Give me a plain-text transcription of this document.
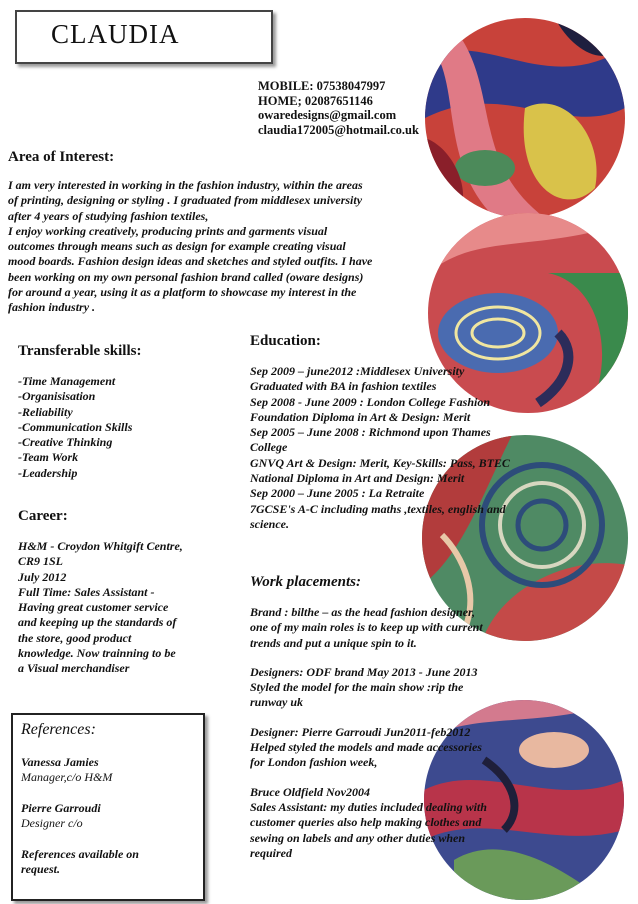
CLAUDIA
MOBILE: 07538047997
HOME; 02087651146
owaredesigns@gmail.com
claudia172005@hotmail.co.uk
Area of Interest:
I am very interested in working in the fashion industry, within the areas
of printing, designing or styling . I graduated from middlesex university
after 4 years of studying fashion textiles,
I enjoy working creatively, producing prints and garments visual
outcomes through means such as design for example creating visual
mood boards. Fashion design ideas and sketches and styled outfits. I have
been working on my own personal fashion brand called (oware designs)
for around a year, using it as a platform to showcase my interest in the
fashion industry .
Transferable skills:
-Time Management
-Organisisation
-Reliability
-Communication Skills
-Creative Thinking
-Team Work
-Leadership
Career:
H&M - Croydon Whitgift Centre,
CR9 1SL
July 2012
Full Time: Sales Assistant -
Having great customer service
and keeping up the standards of
the store, good product
knowledge. Now trainning to be
a Visual merchandiser
Education:
Sep 2009 – june2012 :Middlesex University
Graduated with BA in fashion textiles
Sep 2008 - June 2009 : London College Fashion
Foundation Diploma in Art & Design: Merit
Sep 2005 – June 2008 : Richmond upon Thames
College
GNVQ Art & Design: Merit, Key-Skills: Pass, BTEC
National Diploma in Art and Design: Merit
Sep 2000 – June 2005 : La Retraite
7GCSE's A-C including maths ,textiles, english and
science.
Work placements:
Brand : bilthe – as the head fashion designer,
one of my main roles is to keep up with current
trends and put a unique spin to it.
Designers: ODF brand May 2013 - June 2013
Styled the model for the main show :rip the
runway uk
Designer: Pierre Garroudi Jun2011-feb2012
Helped styled the models and made accessories
for London fashion week,
Bruce Oldfield Nov2004
Sales Assistant: my duties included dealing with
customer queries also help making clothes and
sewing on labels and any other duties when
required
References:
Vanessa Jamies
Manager,c/o H&M
Pierre Garroudi
Designer c/o
References available on
request.
